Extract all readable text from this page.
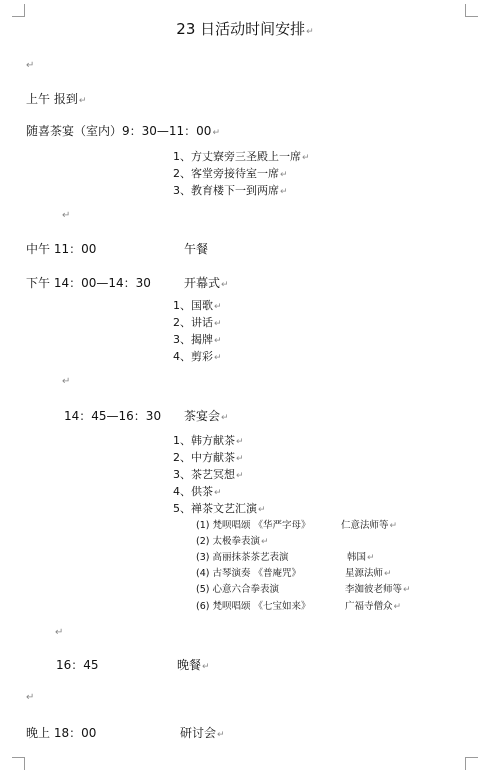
23 日活动时间安排↵
↵
上午 报到↵
随喜茶宴（室内）9：30—11：00↵
1、方丈寮旁三圣殿上一席↵
2、客堂旁接待室一席↵
3、教育楼下一到两席↵
↵
中午 11：00	午餐
下午 14：00—14：30	开幕式↵
1、国歌↵
2、讲话↵
3、揭牌↵
4、剪彩↵
↵
14：45—16：30 茶宴会↵
1、韩方献茶↵
2、中方献茶↵
3、茶艺冥想↵
4、供茶↵
5、禅茶文艺汇演↵
(1) 梵呗唱颂 《华严字母》	仁意法师等↵
(2) 太极拳表演↵
(3) 高丽抹茶茶艺表演	韩国↵
(4) 古琴演奏 《普庵咒》	星源法师↵
(5) 心意六合拳表演	李洳彼老师等↵
(6) 梵呗唱颂 《七宝如来》	广福寺僧众↵
↵
16：45	晚餐↵
↵
晚上 18：00	研讨会↵
